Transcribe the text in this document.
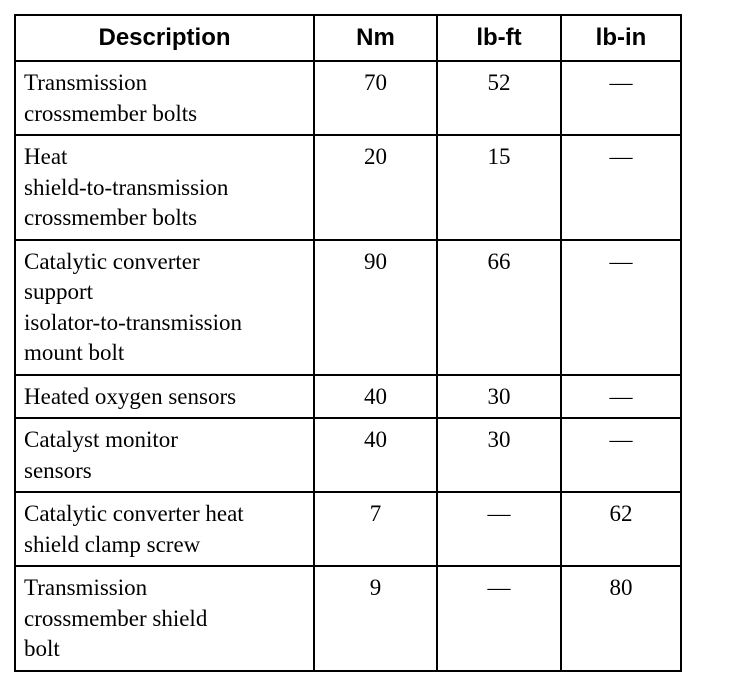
Description	Nm	lb-ft	lb-in

Transmission
crossmember bolts	70	52	—

Heat
shield-to-transmission
crossmember bolts	20	15	—

Catalytic converter
support
isolator-to-transmission
mount bolt	90	66	—

Heated oxygen sensors	40	30	—

Catalyst monitor
sensors	40	30	—

Catalytic converter heat
shield clamp screw	7	—	62

Transmission
crossmember shield
bolt	9	—	80
